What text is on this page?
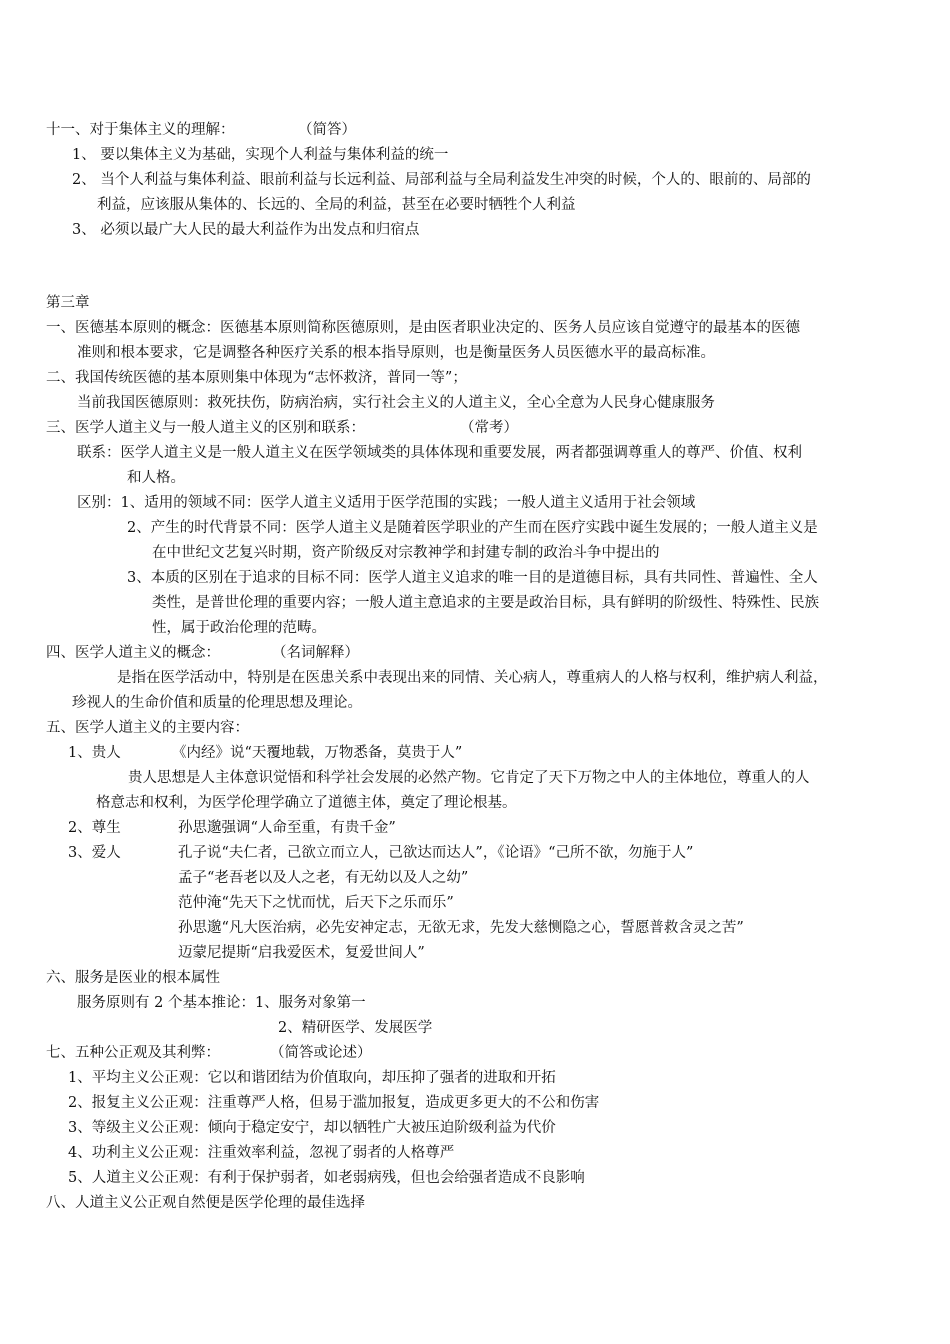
十一、对于集体主义的理解：	（简答）
1、 要以集体主义为基础，实现个人利益与集体利益的统一
2、 当个人利益与集体利益、眼前利益与长远利益、局部利益与全局利益发生冲突的时候，个人的、眼前的、局部的
利益，应该服从集体的、长远的、全局的利益，甚至在必要时牺牲个人利益
3、 必须以最广大人民的最大利益作为出发点和归宿点
第三章
一、医德基本原则的概念：医德基本原则简称医德原则，是由医者职业决定的、医务人员应该自觉遵守的最基本的医德
准则和根本要求，它是调整各种医疗关系的根本指导原则，也是衡量医务人员医德水平的最高标准。
二、我国传统医德的基本原则集中体现为“志怀救济，普同一等”；
当前我国医德原则：救死扶伤，防病治病，实行社会主义的人道主义，全心全意为人民身心健康服务
三、医学人道主义与一般人道主义的区别和联系：	（常考）
联系：医学人道主义是一般人道主义在医学领域类的具体体现和重要发展，两者都强调尊重人的尊严、价值、权利
和人格。
区别：1、适用的领域不同：医学人道主义适用于医学范围的实践；一般人道主义适用于社会领域
2、产生的时代背景不同：医学人道主义是随着医学职业的产生而在医疗实践中诞生发展的；一般人道主义是
在中世纪文艺复兴时期，资产阶级反对宗教神学和封建专制的政治斗争中提出的
3、本质的区别在于追求的目标不同：医学人道主义追求的唯一目的是道德目标，具有共同性、普遍性、全人
类性，是普世伦理的重要内容；一般人道主意追求的主要是政治目标，具有鲜明的阶级性、特殊性、民族
性，属于政治伦理的范畴。
四、医学人道主义的概念：	（名词解释）
是指在医学活动中，特别是在医患关系中表现出来的同情、关心病人，尊重病人的人格与权利，维护病人利益，
珍视人的生命价值和质量的伦理思想及理论。
五、医学人道主义的主要内容：
1、贵人	《内经》说“天覆地载，万物悉备，莫贵于人”
贵人思想是人主体意识觉悟和科学社会发展的必然产物。它肯定了天下万物之中人的主体地位，尊重人的人
格意志和权利，为医学伦理学确立了道德主体，奠定了理论根基。
2、尊生	孙思邈强调“人命至重，有贵千金”
3、爱人	孔子说“夫仁者，己欲立而立人，己欲达而达人”，《论语》“己所不欲，勿施于人”
孟子“老吾老以及人之老，有无幼以及人之幼”
范仲淹“先天下之忧而忧，后天下之乐而乐”
孙思邈“凡大医治病，必先安神定志，无欲无求，先发大慈恻隐之心，誓愿普救含灵之苦”
迈蒙尼提斯“启我爱医术，复爱世间人”
六、服务是医业的根本属性
服务原则有 2 个基本推论：1、服务对象第一
2、精研医学、发展医学
七、五种公正观及其利弊：	（简答或论述）
1、平均主义公正观：它以和谐团结为价值取向，却压抑了强者的进取和开拓
2、报复主义公正观：注重尊严人格，但易于滥加报复，造成更多更大的不公和伤害
3、等级主义公正观：倾向于稳定安宁，却以牺牲广大被压迫阶级利益为代价
4、功利主义公正观：注重效率利益，忽视了弱者的人格尊严
5、人道主义公正观：有利于保护弱者，如老弱病残，但也会给强者造成不良影响
八、人道主义公正观自然便是医学伦理的最佳选择
